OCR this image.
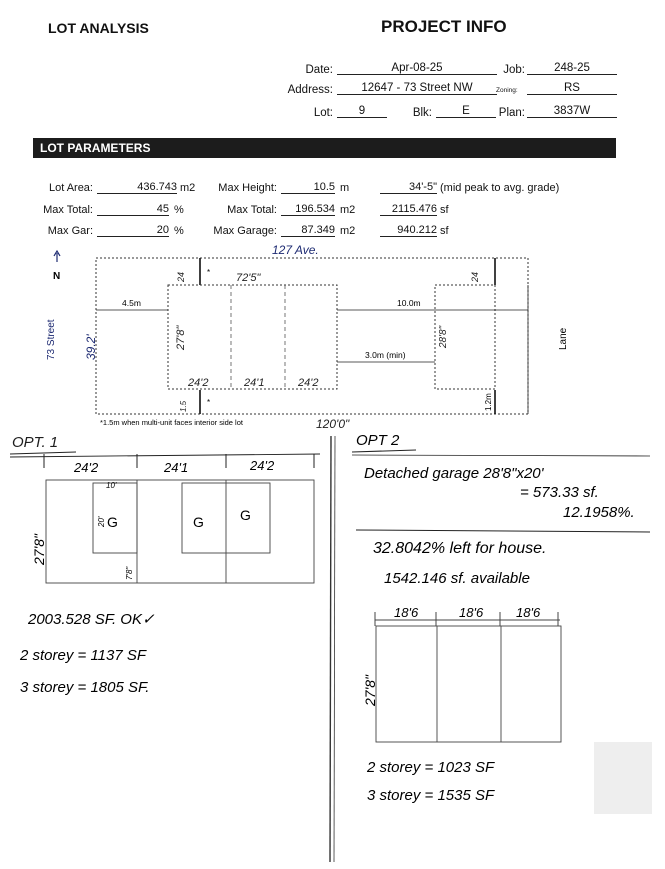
LOT ANALYSIS	PROJECT INFO
Date:	Apr-08-25	Job:	248-25
Address:	12647 - 73 Street NW	Zoning:	RS
Lot:	9	Blk:	E	Plan:	3837W
LOT PARAMETERS
Lot Area:	436.743 m2	Max Height:	10.5 m	34'-5" (mid peak to avg. grade)
Max Total:	45 %	Max Total:	196.534 m2	2115.476 sf
Max Gar:	20 %	Max Garage:	87.349 m2	940.212 sf
N
4.5m	10.0m
3.0m (min)
*
*
*1.5m when multi-unit faces interior side lot
73 Street	Lane
1.2m
127 Ave.
72'5"
39.2'	27'8"	28'8"
24	24
24'2	24'1	24'2
1.5
120'0"
OPT. 1
24'2	24'1	24'2
10'
20'
7'8"
G	G	G
27'8"
2003.528 SF. OK✓
2 storey = 1137 SF
3 storey = 1805 SF.
OPT 2
Detached garage 28'8"x20'
= 573.33 sf.
12.1958%.
32.8042% left for house.
1542.146 sf. available
18'6	18'6	18'6
27'8"
2 storey = 1023 SF
3 storey = 1535 SF
